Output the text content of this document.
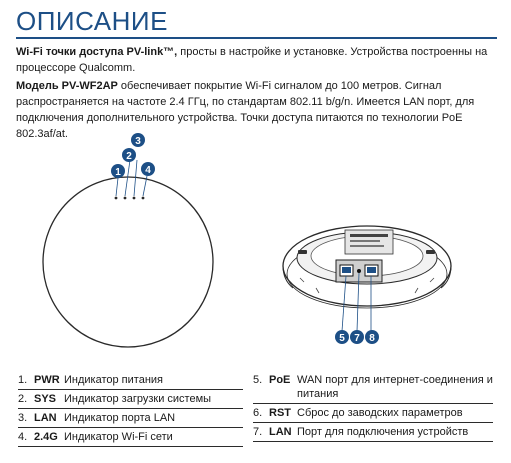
ОПИСАНИЕ

Wi-Fi точки доступа PV-link™, просты в настройке и установке. Устройства построенны на процессоре Qualcomm.

Модель PV-WF2AP обеспечивает покрытие Wi-Fi сигналом до 100 метров. Сигнал распространяется на частоте 2.4 ГГц, по стандартам 802.11 b/g/n. Имеется LAN порт, для подключения дополнительного устройства. Точки доступа питаются по технологии PoE 802.3af/at.

1
2
3
4
5 7 8
1. PWR Индикатор питания
2. SYS Индикатор загрузки системы
3. LAN Индикатор порта LAN
4. 2.4G Индикатор Wi-Fi сети
5. PoE WAN порт для интернет-соединения и питания
6. RST Сброс до заводских параметров
7. LAN Порт для подключения устройств
